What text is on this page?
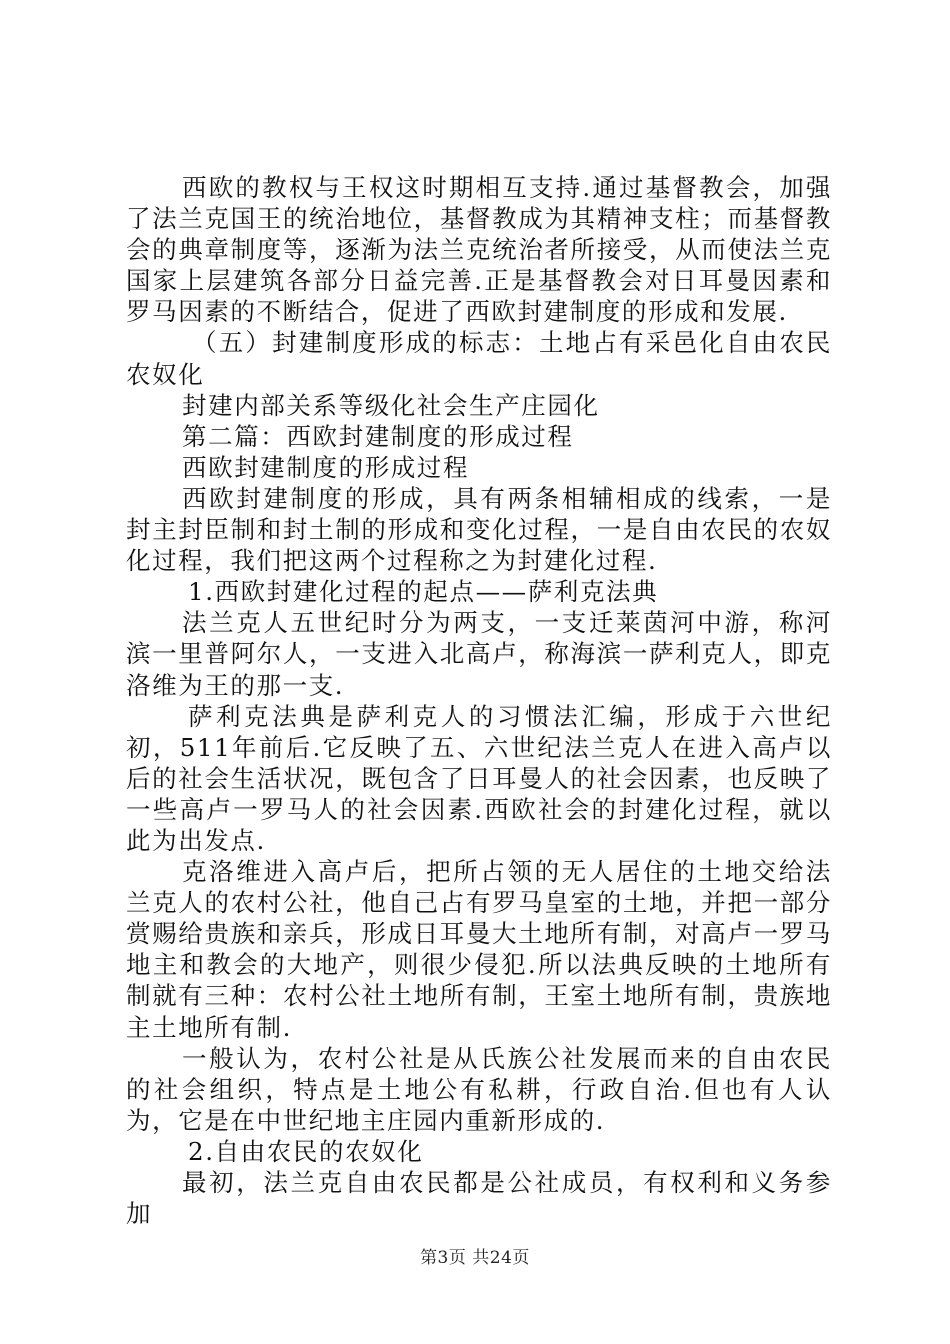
西欧的教权与王权这时期相互支持.通过基督教会，加强了法兰克国王的统治地位，基督教成为其精神支柱；而基督教会的典章制度等，逐渐为法兰克统治者所接受，从而使法兰克国家上层建筑各部分日益完善.正是基督教会对日耳曼因素和罗马因素的不断结合，促进了西欧封建制度的形成和发展.

（五）封建制度形成的标志：土地占有采邑化自由农民农奴化

封建内部关系等级化社会生产庄园化

第二篇：西欧封建制度的形成过程

西欧封建制度的形成过程

西欧封建制度的形成，具有两条相辅相成的线索，一是封主封臣制和封土制的形成和变化过程，一是自由农民的农奴化过程，我们把这两个过程称之为封建化过程.

1.西欧封建化过程的起点——萨利克法典

法兰克人五世纪时分为两支，一支迁莱茵河中游，称河滨一里普阿尔人，一支进入北高卢，称海滨一萨利克人，即克洛维为王的那一支.

萨利克法典是萨利克人的习惯法汇编，形成于六世纪初，511年前后.它反映了五、六世纪法兰克人在进入高卢以后的社会生活状况，既包含了日耳曼人的社会因素，也反映了一些高卢一罗马人的社会因素.西欧社会的封建化过程，就以此为出发点.

克洛维进入高卢后，把所占领的无人居住的土地交给法兰克人的农村公社，他自己占有罗马皇室的土地，并把一部分赏赐给贵族和亲兵，形成日耳曼大土地所有制，对高卢一罗马地主和教会的大地产，则很少侵犯.所以法典反映的土地所有制就有三种：农村公社土地所有制，王室土地所有制，贵族地主土地所有制.

一般认为，农村公社是从氏族公社发展而来的自由农民的社会组织，特点是土地公有私耕，行政自治.但也有人认为，它是在中世纪地主庄园内重新形成的.

2.自由农民的农奴化

最初，法兰克自由农民都是公社成员，有权利和义务参加

第3页 共24页
